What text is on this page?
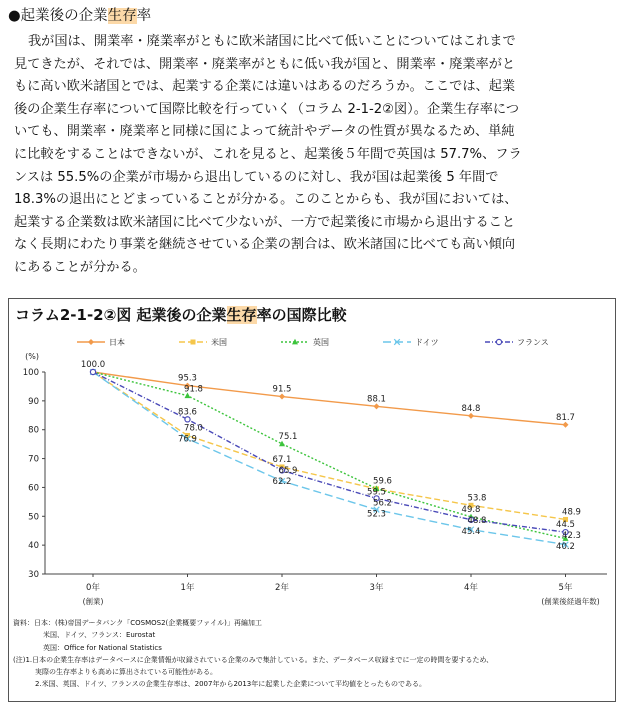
●起業後の企業生存率

我が国は、開業率・廃業率がともに欧米諸国に比べて低いことについてはこれまで

見てきたが、それでは、開業率・廃業率がともに低い我が国と、開業率・廃業率がと

もに高い欧米諸国とでは、起業する企業には違いはあるのだろうか。ここでは、起業

後の企業生存率について国際比較を行っていく（コラム 2-1-2②図）。企業生存率につ

いても、開業率・廃業率と同様に国によって統計やデータの性質が異なるため、単純

に比較をすることはできないが、これを見ると、起業後５年間で英国は 57.7%、フラ

ンスは 55.5%の企業が市場から退出しているのに対し、我が国は起業後 5 年間で

18.3%の退出にとどまっていることが分かる。このことからも、我が国においては、

起業する企業数は欧米諸国に比べて少ないが、一方で起業後に市場から退出すること

なく長期にわたり事業を継続させている企業の割合は、欧米諸国に比べても高い傾向

にあることが分かる。

コラム2-1-2②図 起業後の企業生存率の国際比較
30
40
50
60
70
80
90
100
(%)
0年
(創業)
1年	2年	3年	4年	5年
(創業後経過年数)
日本	米国	英国	ドイツ	フランス
100.0
95.3
91.8
83.6
78.0
76.9
91.5
75.1
67.1
65.9
62.2
88.1
59.6
59.5
56.2
52.3
84.8
53.8
49.8
48.8
45.4
81.7
48.9
44.5
42.3
40.2
資料：日本：(株)帝国データバンク「COSMOS2(企業概要ファイル)」再編加工
米国、ドイツ、フランス：Eurostat
英国：Office for National Statistics
(注)1.日本の企業生存率はデータベースに企業情報が収録されている企業のみで集計している。また、データベース収録までに一定の時間を要するため、
実際の生存率よりも高めに算出されている可能性がある。
2.米国、英国、ドイツ、フランスの企業生存率は、2007年から2013年に起業した企業について平均値をとったものである。
